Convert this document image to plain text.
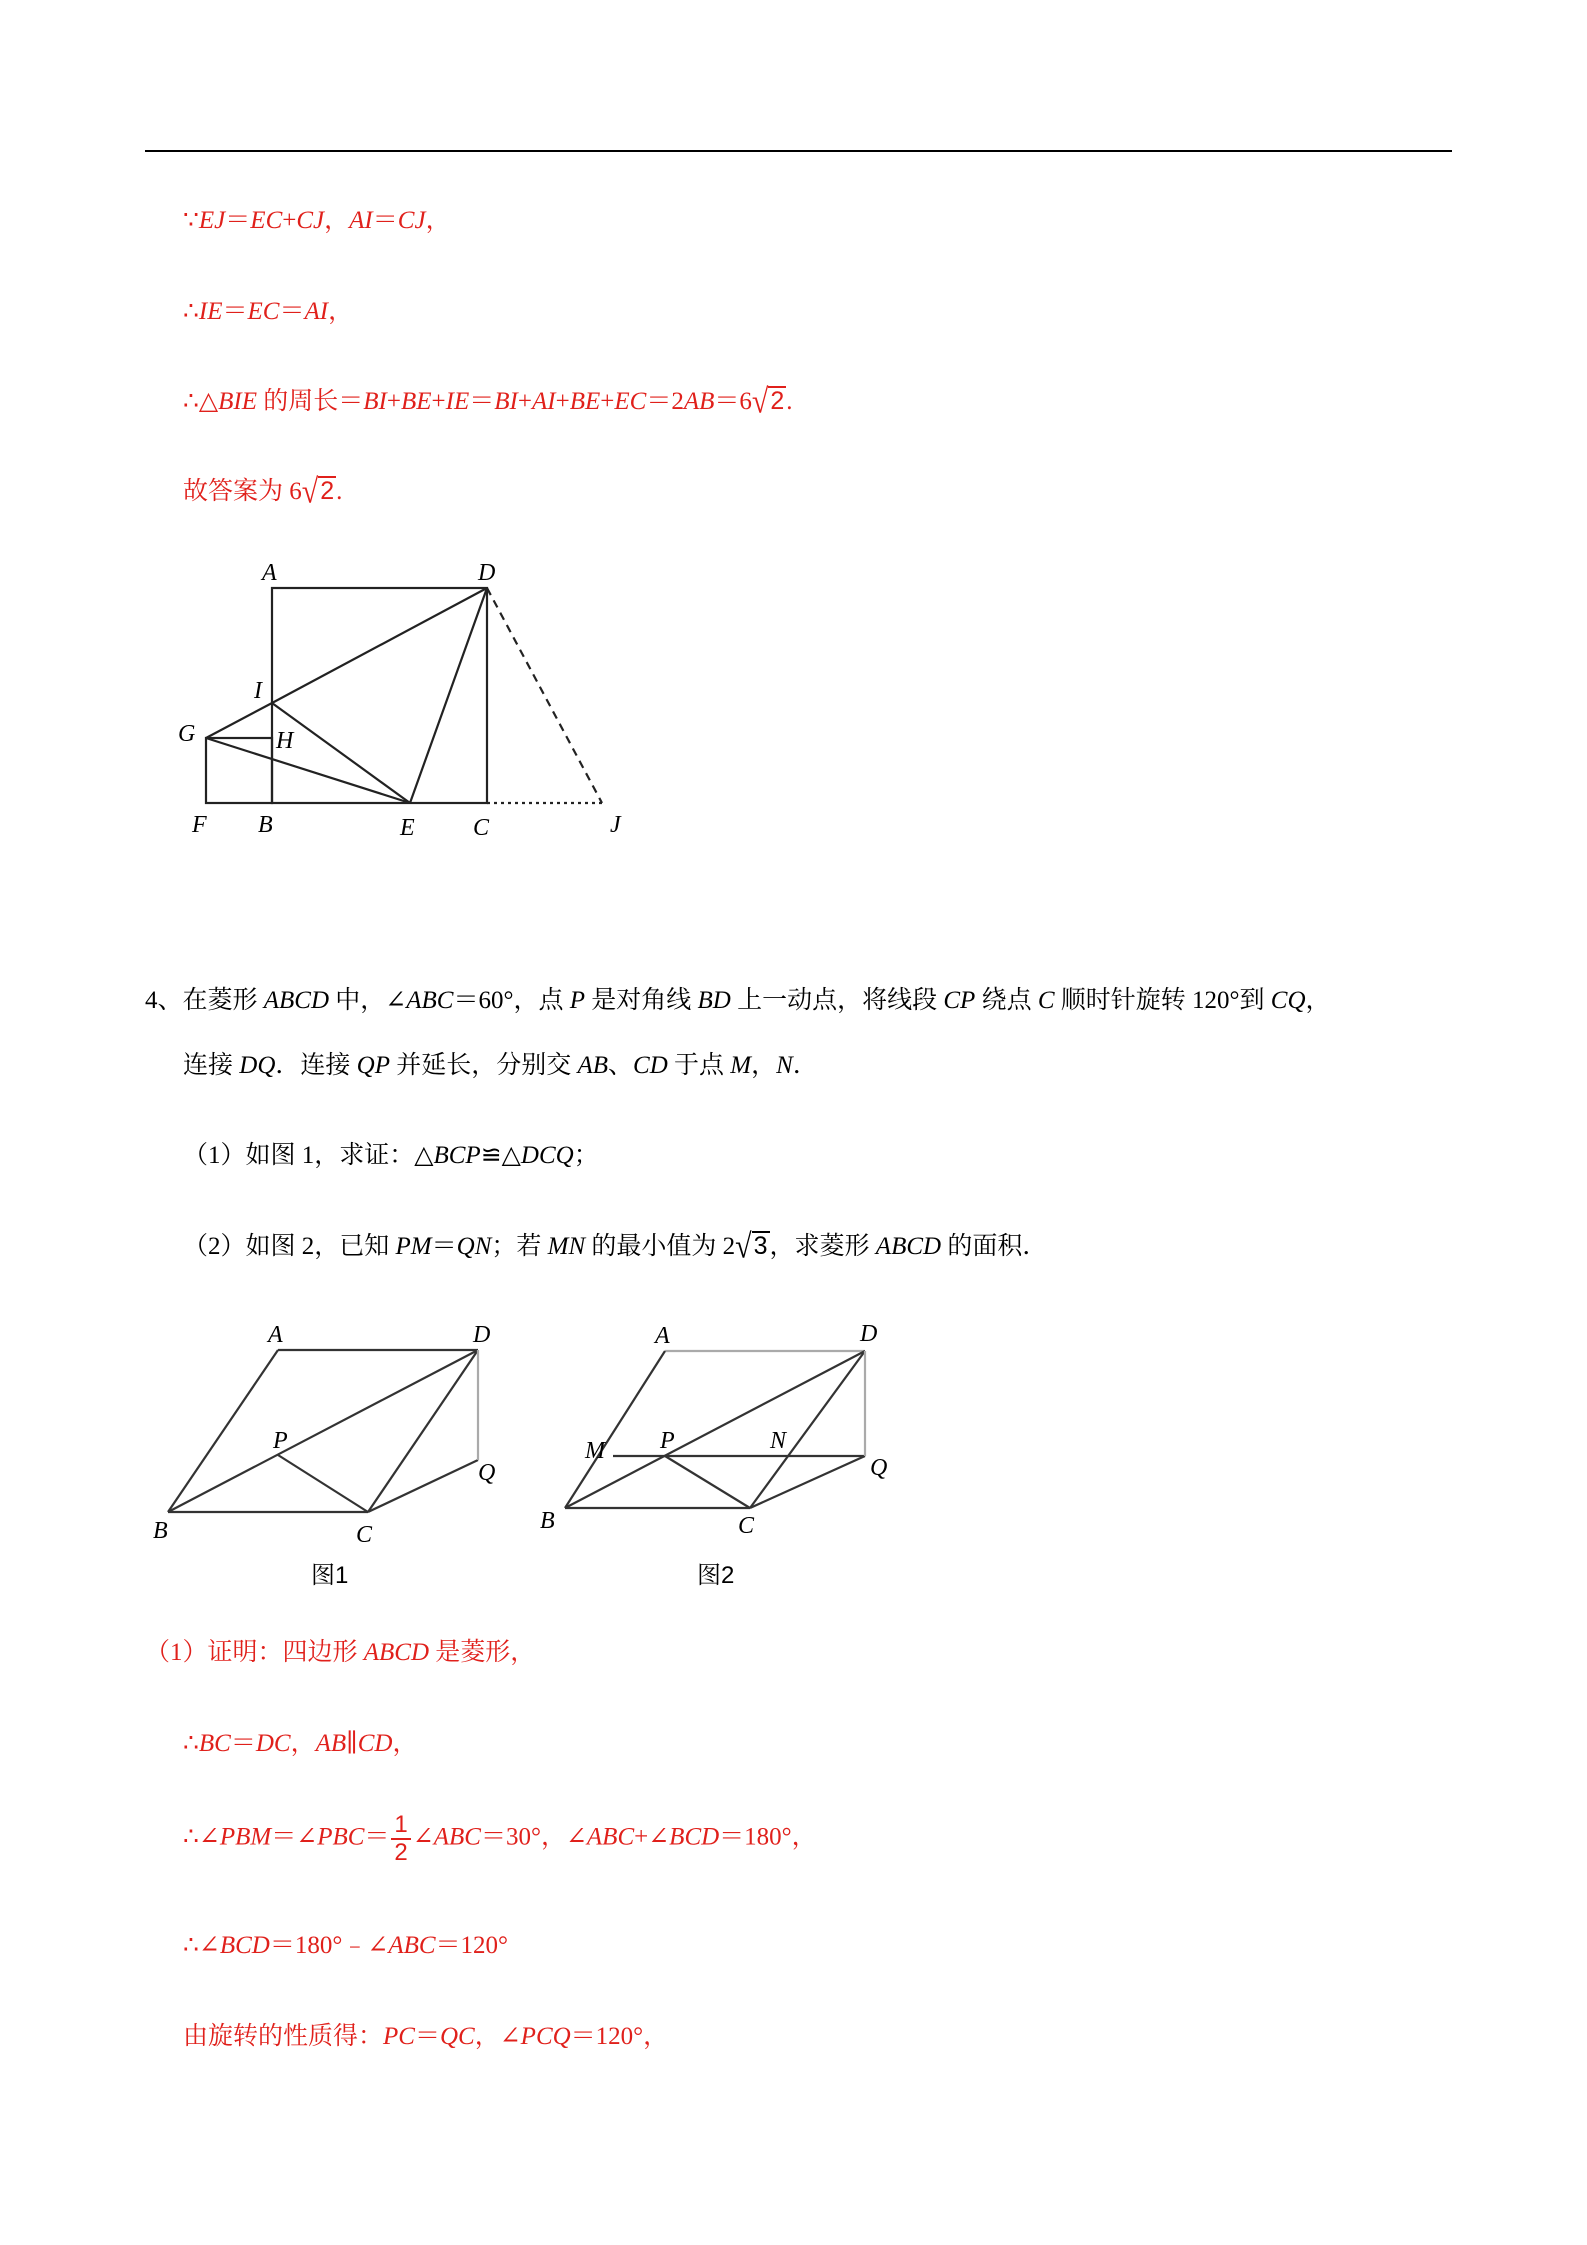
∵EJ＝EC+CJ，AI＝CJ，
∴IE＝EC＝AI，
∴△BIE 的周长＝BI+BE+IE＝BI+AI+BE+EC＝2AB＝6√2.
故答案为 6√2.
A	D
I
G	H
F B	E C	J
4、在菱形 ABCD 中，∠ABC＝60°，点 P 是对角线 BD 上一动点，将线段 CP 绕点 C 顺时针旋转 120°到 CQ，
连接 DQ．连接 QP 并延长，分别交 AB、CD 于点 M，N．
（1）如图 1，求证：△BCP≌△DCQ；
（2）如图 2，已知 PM＝QN；若 MN 的最小值为 2√3，求菱形 ABCD 的面积．
A	D
P
Q
B	C
图1
A	D
M P	N
Q
B	C
图2
（1）证明：四边形 ABCD 是菱形，
∴BC＝DC，AB∥CD，
∴∠PBM＝∠PBC＝ $\frac{1}{2}$ ∠ABC＝30°，∠ABC+∠BCD＝180°，
∴∠BCD＝180°﹣∠ABC＝120°
由旋转的性质得：PC＝QC，∠PCQ＝120°，
